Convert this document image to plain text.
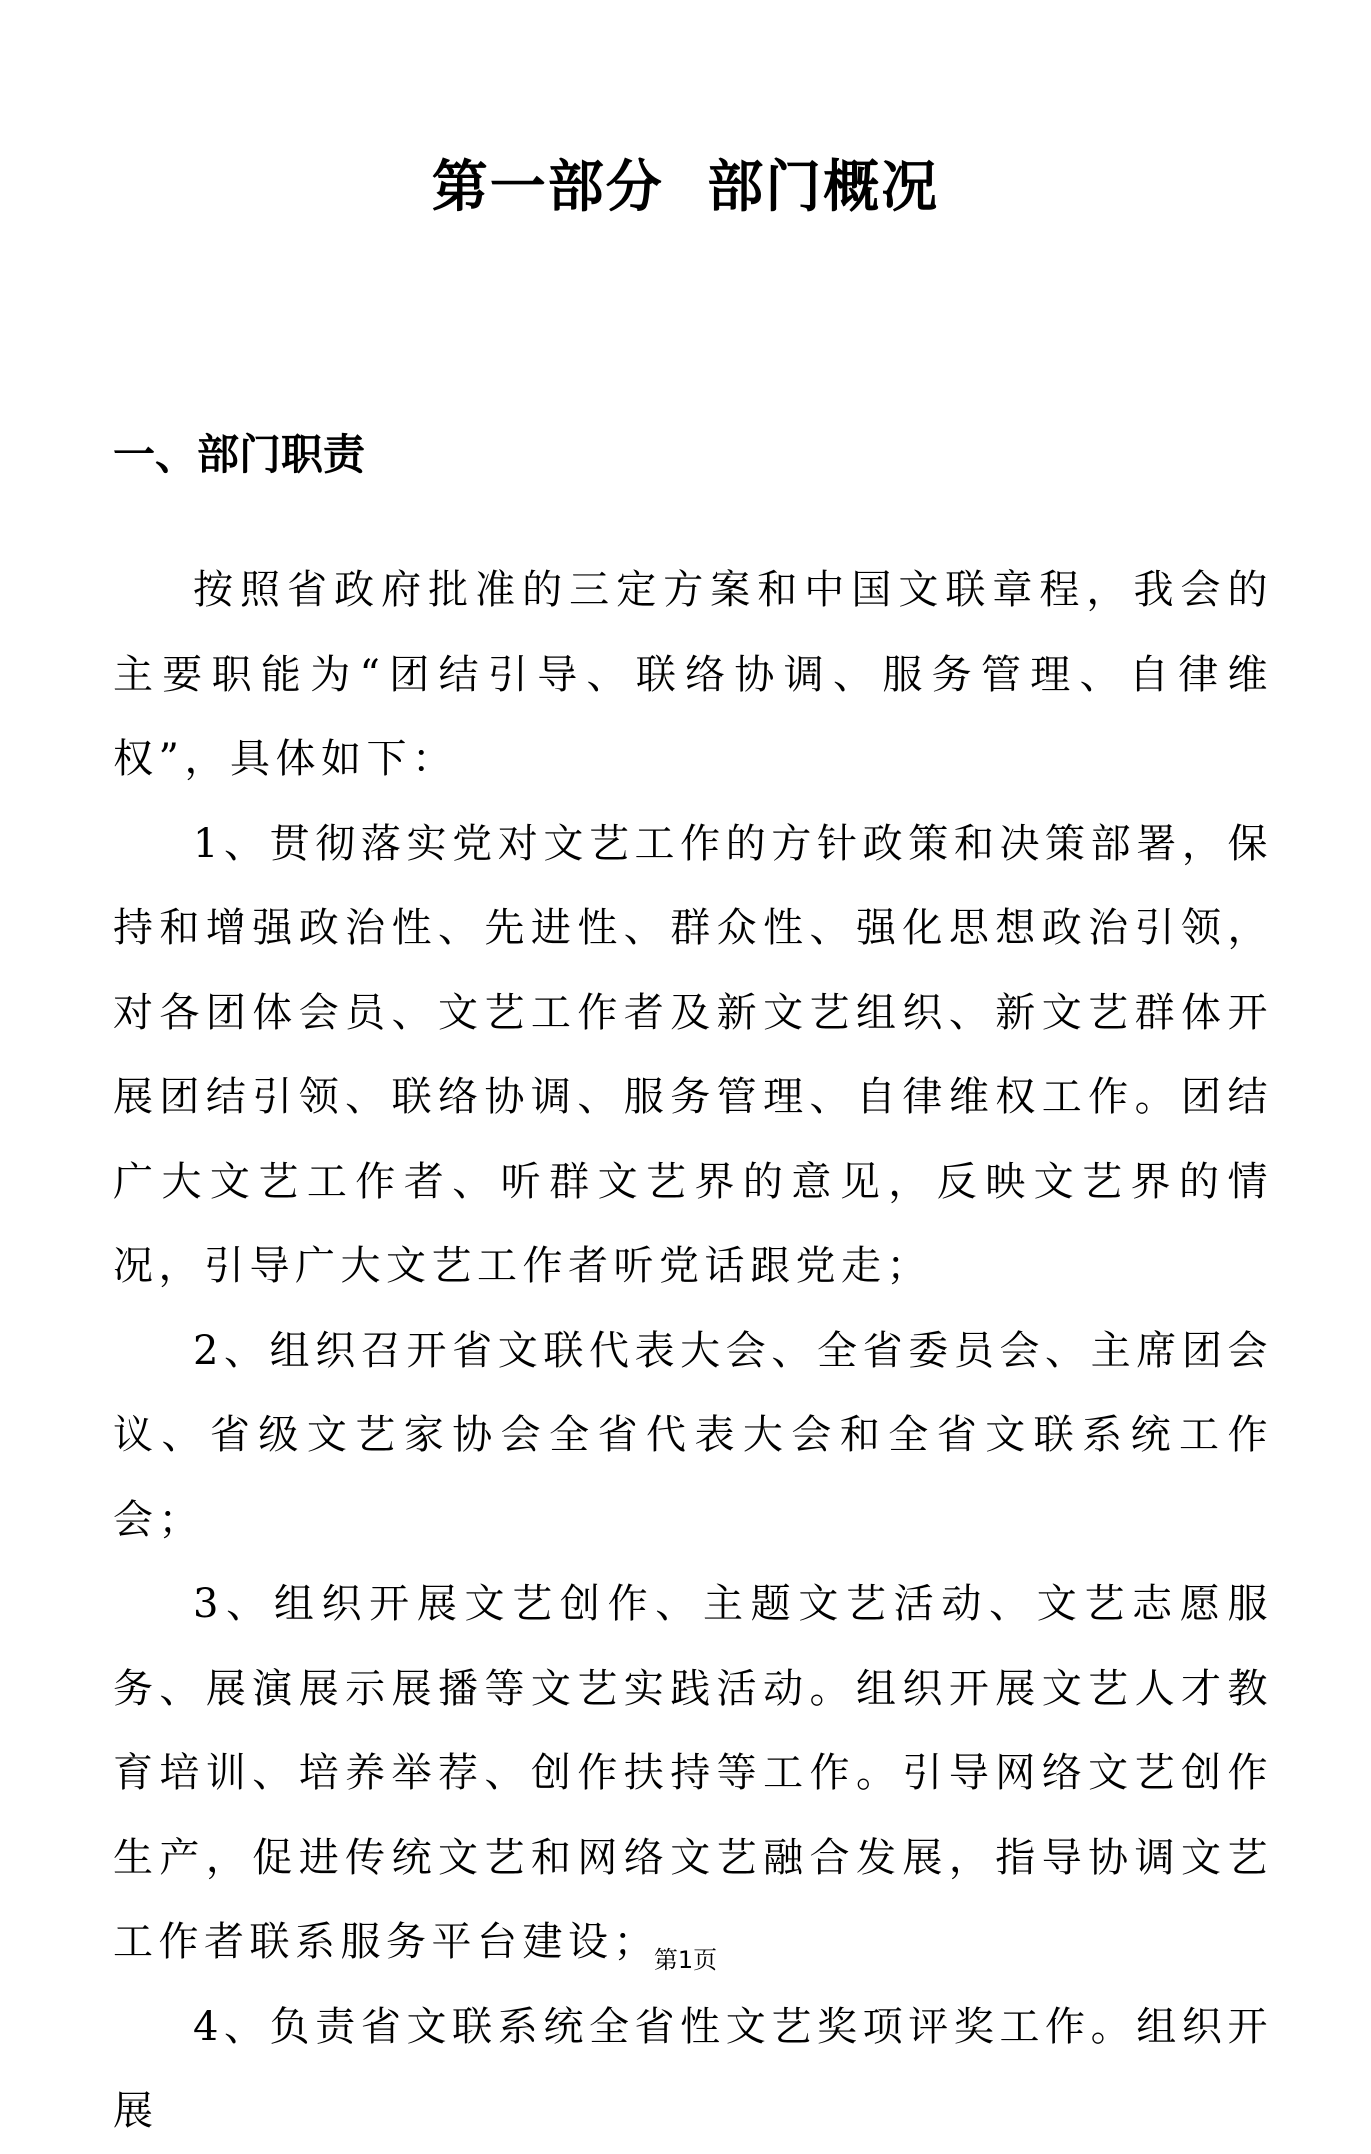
第一部分 部门概况
一、部门职责

按照省政府批准的三定方案和中国文联章程，我会的主要职能为“团结引导、联络协调、服务管理、自律维权”，具体如下：

1、贯彻落实党对文艺工作的方针政策和决策部署，保持和增强政治性、先进性、群众性、强化思想政治引领，对各团体会员、文艺工作者及新文艺组织、新文艺群体开展团结引领、联络协调、服务管理、自律维权工作。团结广大文艺工作者、听群文艺界的意见，反映文艺界的情况，引导广大文艺工作者听党话跟党走；

2、组织召开省文联代表大会、全省委员会、主席团会议、省级文艺家协会全省代表大会和全省文联系统工作会；

3、组织开展文艺创作、主题文艺活动、文艺志愿服务、展演展示展播等文艺实践活动。组织开展文艺人才教育培训、培养举荐、创作扶持等工作。引导网络文艺创作生产，促进传统文艺和网络文艺融合发展，指导协调文艺工作者联系服务平台建设；

4、负责省文联系统全省性文艺奖项评奖工作。组织开展

第1页
